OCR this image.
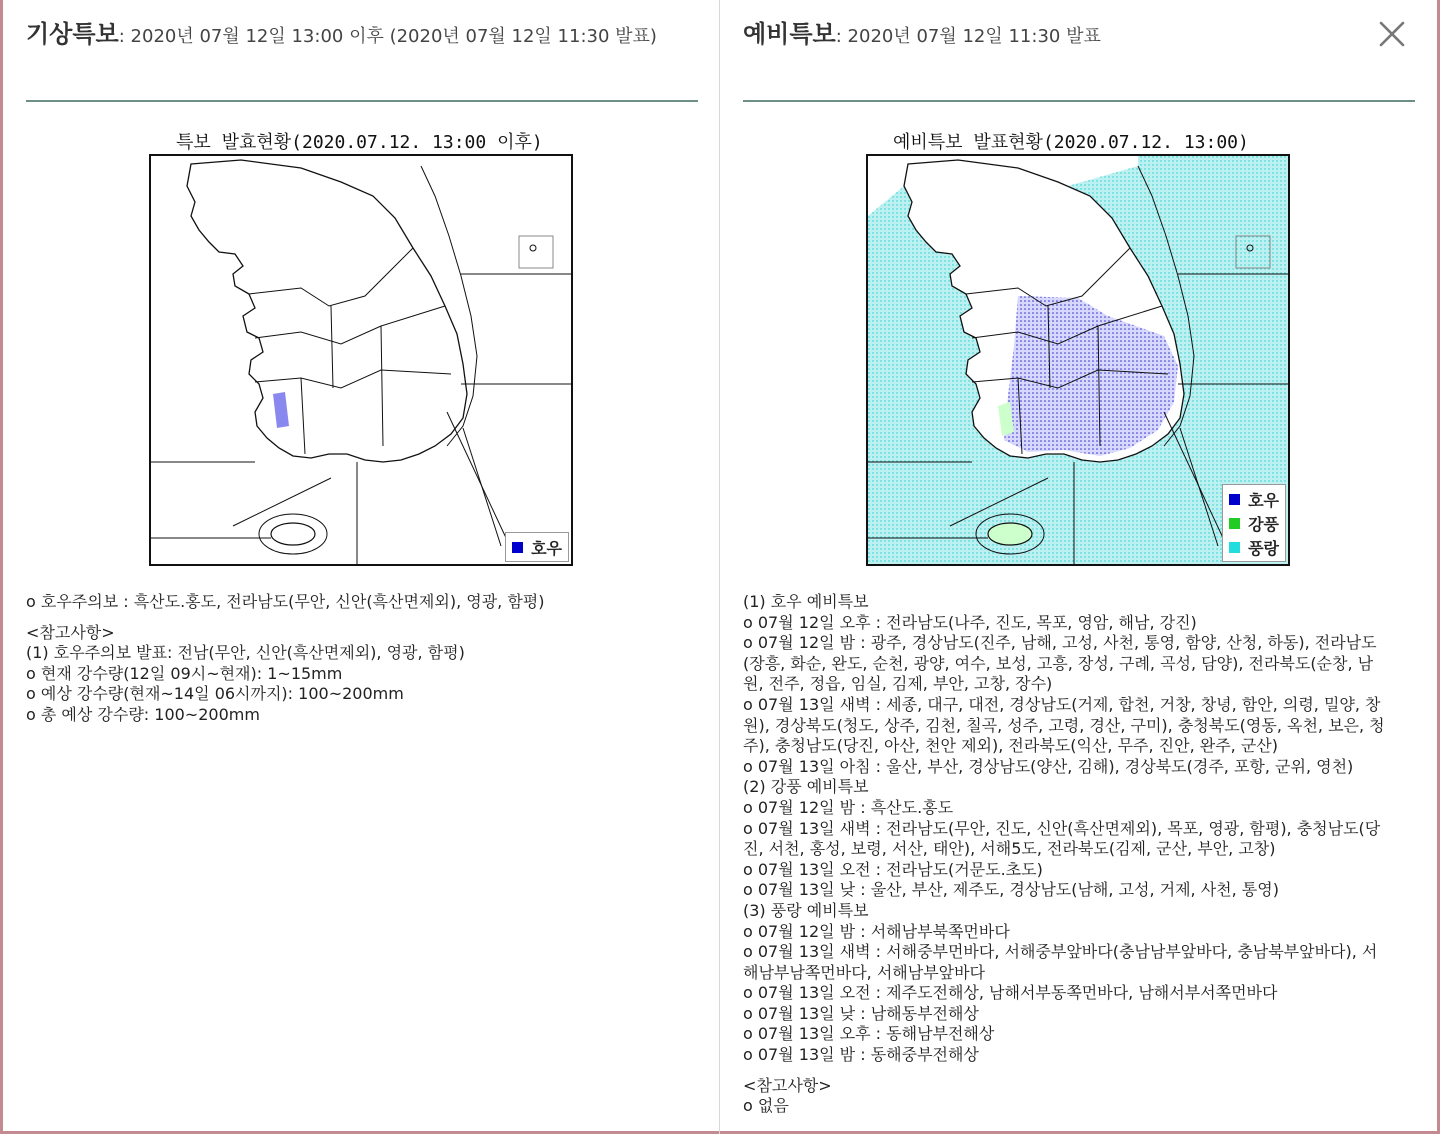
기상특보: 2020년 07월 12일 13:00 이후 (2020년 07월 12일 11:30 발표)
특보 발효현황(2020.07.12. 13:00 이후)
호우

o 호우주의보 : 흑산도.홍도, 전라남도(무안, 신안(흑산면제외), 영광, 함평)

<참고사항>

(1) 호우주의보 발표: 전남(무안, 신안(흑산면제외), 영광, 함평)

o 현재 강수량(12일 09시~현재): 1~15mm

o 예상 강수량(현재~14일 06시까지): 100~200mm

o 총 예상 강수량: 100~200mm

예비특보: 2020년 07월 12일 11:30 발표
예비특보 발표현황(2020.07.12. 13:00)
호우
강풍
풍랑

(1) 호우 예비특보

o 07월 12일 오후 : 전라남도(나주, 진도, 목포, 영암, 해남, 강진)

o 07월 12일 밤 : 광주, 경상남도(진주, 남해, 고성, 사천, 통영, 함양, 산청, 하동), 전라남도

(장흥, 화순, 완도, 순천, 광양, 여수, 보성, 고흥, 장성, 구례, 곡성, 담양), 전라북도(순창, 남

원, 전주, 정읍, 임실, 김제, 부안, 고창, 장수)

o 07월 13일 새벽 : 세종, 대구, 대전, 경상남도(거제, 합천, 거창, 창녕, 함안, 의령, 밀양, 창

원), 경상북도(청도, 상주, 김천, 칠곡, 성주, 고령, 경산, 구미), 충청북도(영동, 옥천, 보은, 청

주), 충청남도(당진, 아산, 천안 제외), 전라북도(익산, 무주, 진안, 완주, 군산)

o 07월 13일 아침 : 울산, 부산, 경상남도(양산, 김해), 경상북도(경주, 포항, 군위, 영천)

(2) 강풍 예비특보

o 07월 12일 밤 : 흑산도.홍도

o 07월 13일 새벽 : 전라남도(무안, 진도, 신안(흑산면제외), 목포, 영광, 함평), 충청남도(당

진, 서천, 홍성, 보령, 서산, 태안), 서해5도, 전라북도(김제, 군산, 부안, 고창)

o 07월 13일 오전 : 전라남도(거문도.초도)

o 07월 13일 낮 : 울산, 부산, 제주도, 경상남도(남해, 고성, 거제, 사천, 통영)

(3) 풍랑 예비특보

o 07월 12일 밤 : 서해남부북쪽먼바다

o 07월 13일 새벽 : 서해중부먼바다, 서해중부앞바다(충남남부앞바다, 충남북부앞바다), 서

해남부남쪽먼바다, 서해남부앞바다

o 07월 13일 오전 : 제주도전해상, 남해서부동쪽먼바다, 남해서부서쪽먼바다

o 07월 13일 낮 : 남해동부전해상

o 07월 13일 오후 : 동해남부전해상

o 07월 13일 밤 : 동해중부전해상

<참고사항>

o 없음
